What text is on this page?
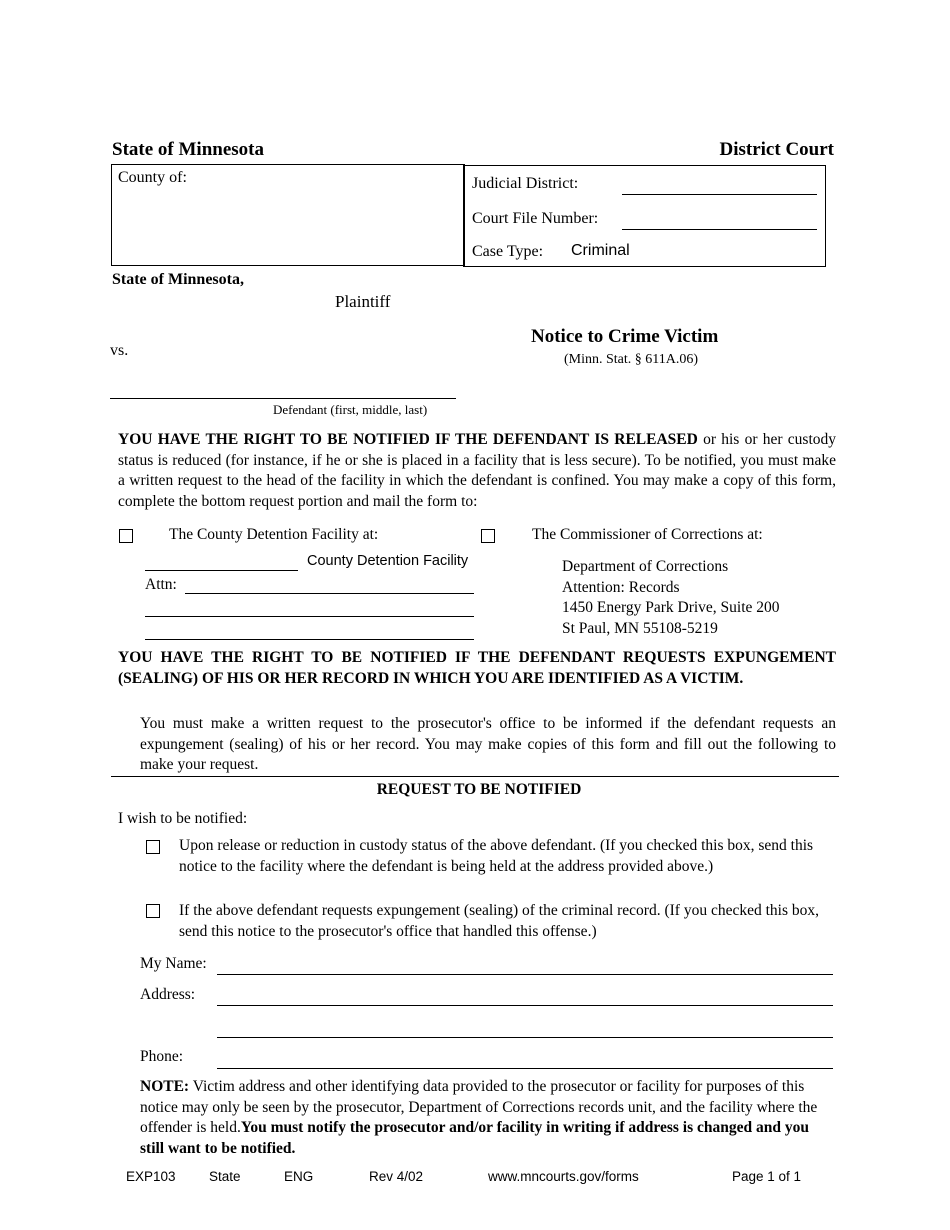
State of Minnesota	District Court
County of:	Judicial District:
Court File Number:
Case Type: Criminal
State of Minnesota,
Plaintiff
Notice to Crime Victim
(Minn. Stat. § 611A.06)
vs.
Defendant (first, middle, last)
YOU HAVE THE RIGHT TO BE NOTIFIED IF THE DEFENDANT IS RELEASED or his or her custody status is reduced (for instance, if he or she is placed in a facility that is less secure). To be notified, you must make a written request to the head of the facility in which the defendant is confined. You may make a copy of this form, complete the bottom request portion and mail the form to:
The County Detention Facility at:
County Detention Facility
Attn:
The Commissioner of Corrections at:
Department of Corrections
Attention: Records
1450 Energy Park Drive, Suite 200
St Paul, MN 55108-5219
YOU HAVE THE RIGHT TO BE NOTIFIED IF THE DEFENDANT REQUESTS EXPUNGEMENT (SEALING) OF HIS OR HER RECORD IN WHICH YOU ARE IDENTIFIED AS A VICTIM.
You must make a written request to the prosecutor's office to be informed if the defendant requests an expungement (sealing) of his or her record. You may make copies of this form and fill out the following to make your request.
REQUEST TO BE NOTIFIED
I wish to be notified:
Upon release or reduction in custody status of the above defendant. (If you checked this box, send this notice to the facility where the defendant is being held at the address provided above.)
If the above defendant requests expungement (sealing) of the criminal record. (If you checked this box, send this notice to the prosecutor's office that handled this offense.)
My Name:
Address:
Phone:
NOTE: Victim address and other identifying data provided to the prosecutor or facility for purposes of this notice may only be seen by the prosecutor, Department of Corrections records unit, and the facility where the offender is held.You must notify the prosecutor and/or facility in writing if address is changed and you still want to be notified.
EXP103 State	ENG	Rev 4/02	www.mncourts.gov/forms	Page 1 of 1
